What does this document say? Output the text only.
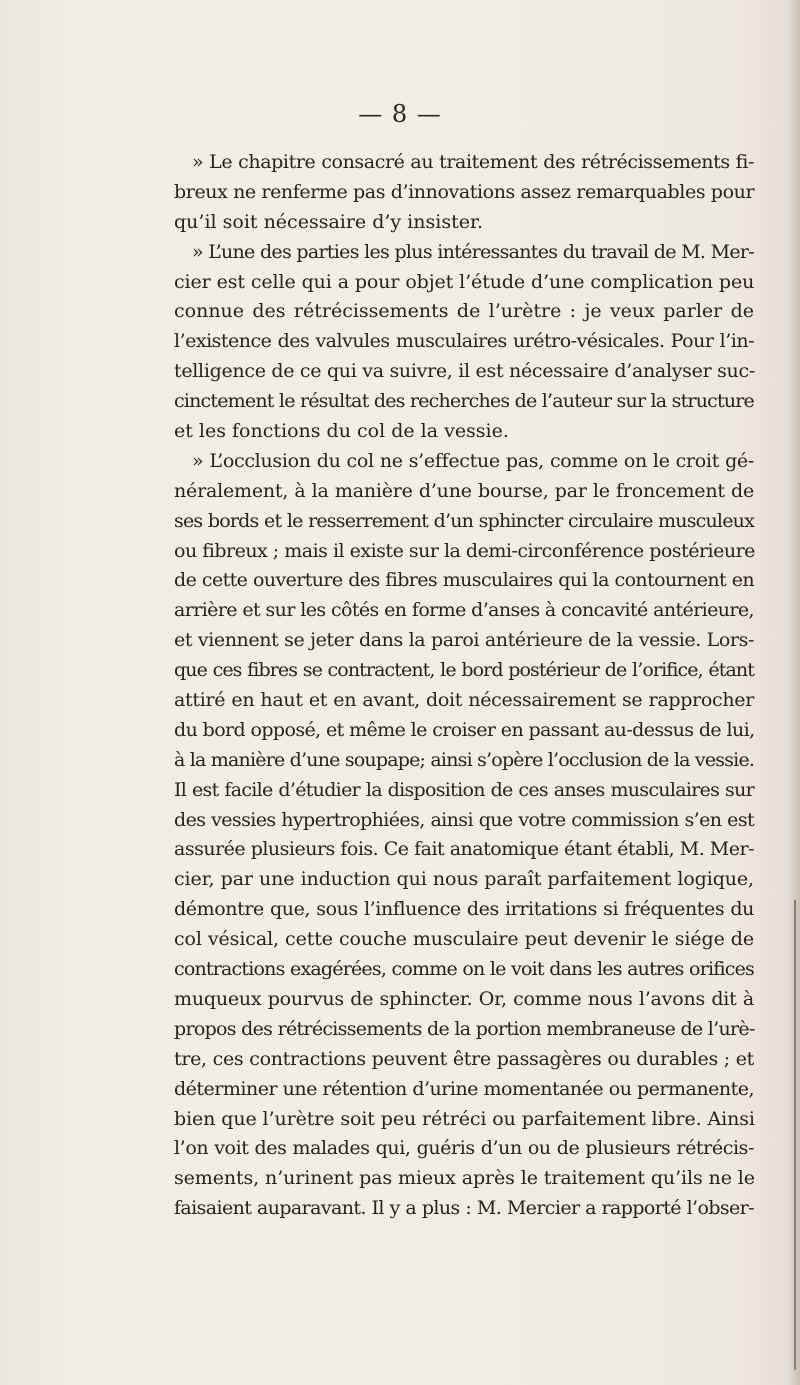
— 8 —
» Le chapitre consacré au traitement des rétrécissements fi-
breux ne renferme pas d’innovations assez remarquables pour
qu’il soit nécessaire d’y insister.
» L’une des parties les plus intéressantes du travail de M. Mer-
cier est celle qui a pour objet l’étude d’une complication peu
connue des rétrécissements de l’urètre : je veux parler de
l’existence des valvules musculaires urétro-vésicales. Pour l’in-
telligence de ce qui va suivre, il est nécessaire d’analyser suc-
cinctement le résultat des recherches de l’auteur sur la structure
et les fonctions du col de la vessie.
» L’occlusion du col ne s’effectue pas, comme on le croit gé-
néralement, à la manière d’une bourse, par le froncement de
ses bords et le resserrement d’un sphincter circulaire musculeux
ou fibreux ; mais il existe sur la demi-circonférence postérieure
de cette ouverture des fibres musculaires qui la contournent en
arrière et sur les côtés en forme d’anses à concavité antérieure,
et viennent se jeter dans la paroi antérieure de la vessie. Lors-
que ces fibres se contractent, le bord postérieur de l’orifice, étant
attiré en haut et en avant, doit nécessairement se rapprocher
du bord opposé, et même le croiser en passant au-dessus de lui,
à la manière d’une soupape; ainsi s’opère l’occlusion de la vessie.
Il est facile d’étudier la disposition de ces anses musculaires sur
des vessies hypertrophiées, ainsi que votre commission s’en est
assurée plusieurs fois. Ce fait anatomique étant établi, M. Mer-
cier, par une induction qui nous paraît parfaitement logique,
démontre que, sous l’influence des irritations si fréquentes du
col vésical, cette couche musculaire peut devenir le siége de
contractions exagérées, comme on le voit dans les autres orifices
muqueux pourvus de sphincter. Or, comme nous l’avons dit à
propos des rétrécissements de la portion membraneuse de l’urè-
tre, ces contractions peuvent être passagères ou durables ; et
déterminer une rétention d’urine momentanée ou permanente,
bien que l’urètre soit peu rétréci ou parfaitement libre. Ainsi
l’on voit des malades qui, guéris d’un ou de plusieurs rétrécis-
sements, n’urinent pas mieux après le traitement qu’ils ne le
faisaient auparavant. Il y a plus : M. Mercier a rapporté l’obser-
